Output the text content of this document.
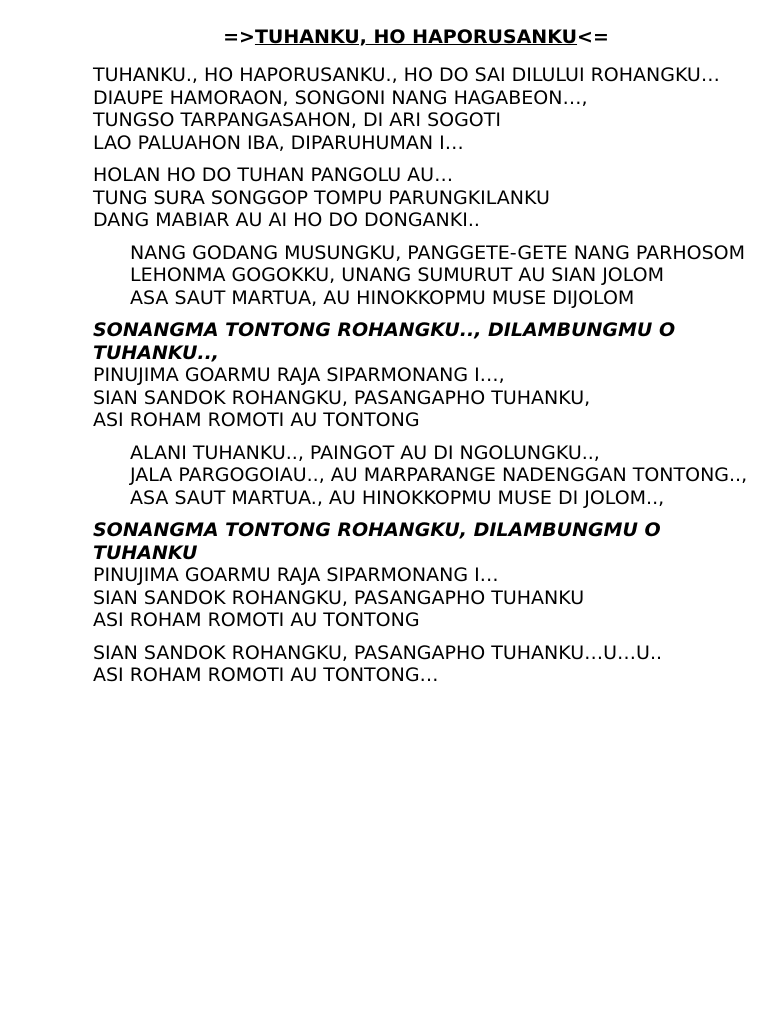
=>TUHANKU, HO HAPORUSANKU<=
TUHANKU., HO HAPORUSANKU., HO DO SAI DILULUI ROHANGKU…
DIAUPE HAMORAON, SONGONI NANG HAGABEON…,
TUNGSO TARPANGASAHON, DI ARI SOGOTI
LAO PALUAHON IBA, DIPARUHUMAN I…
HOLAN HO DO TUHAN PANGOLU AU…
TUNG SURA SONGGOP TOMPU PARUNGKILANKU
DANG MABIAR AU AI HO DO DONGANKI..
NANG GODANG MUSUNGKU, PANGGETE-GETE NANG PARHOSOM
LEHONMA GOGOKKU, UNANG SUMURUT AU SIAN JOLOM
ASA SAUT MARTUA, AU HINOKKOPMU MUSE DIJOLOM
SONANGMA TONTONG ROHANGKU.., DILAMBUNGMU O TUHANKU..,
PINUJIMA GOARMU RAJA SIPARMONANG I…,
SIAN SANDOK ROHANGKU, PASANGAPHO TUHANKU,
ASI ROHAM ROMOTI AU TONTONG
ALANI TUHANKU.., PAINGOT AU DI NGOLUNGKU..,
JALA PARGOGOIAU.., AU MARPARANGE NADENGGAN TONTONG..,
ASA SAUT MARTUA., AU HINOKKOPMU MUSE DI JOLOM..,
SONANGMA TONTONG ROHANGKU, DILAMBUNGMU O TUHANKU
PINUJIMA GOARMU RAJA SIPARMONANG I…
SIAN SANDOK ROHANGKU, PASANGAPHO TUHANKU
ASI ROHAM ROMOTI AU TONTONG
SIAN SANDOK ROHANGKU, PASANGAPHO TUHANKU…U…U..
ASI ROHAM ROMOTI AU TONTONG…
